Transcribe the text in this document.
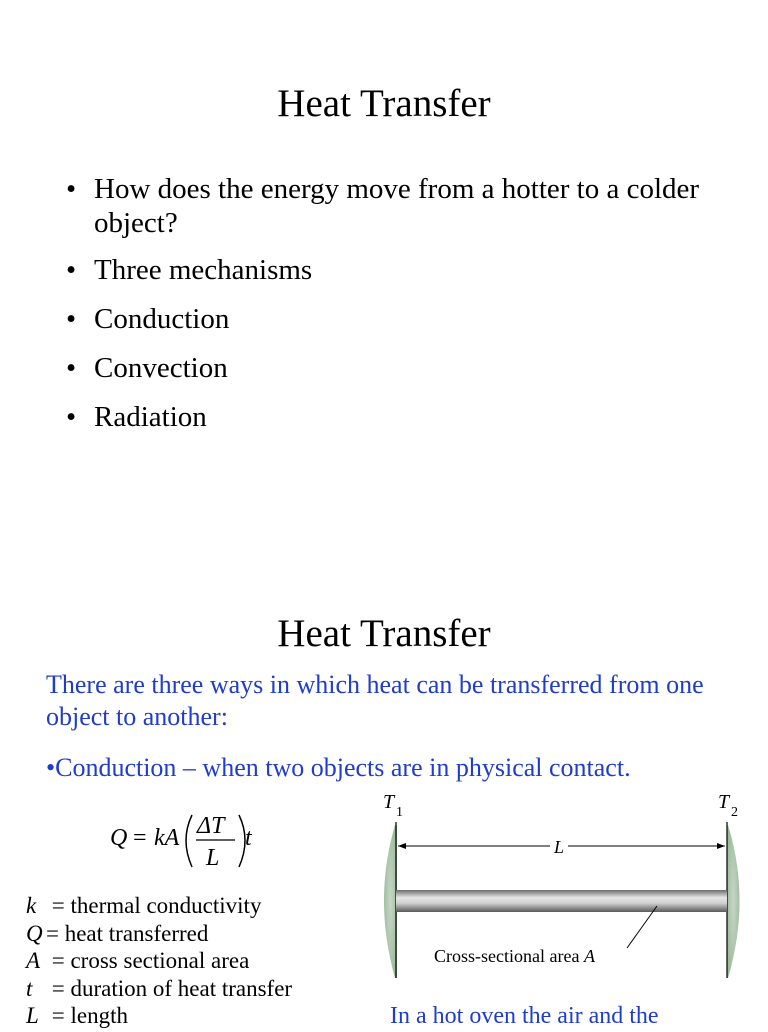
Heat Transfer
• How does the energy move from a hotter to a colder object?
• Three mechanisms
• Conduction
• Convection
• Radiation
Heat Transfer
There are three ways in which heat can be transferred from one object to another:
•Conduction – when two objects are in physical contact.
Q = kA ΔT
L
t
k = thermal conductivity
Q = heat transferred
A = cross sectional area
t = duration of heat transfer
L = length
T 1	T 2
L
Cross-sectional area A
In a hot oven the air and the
